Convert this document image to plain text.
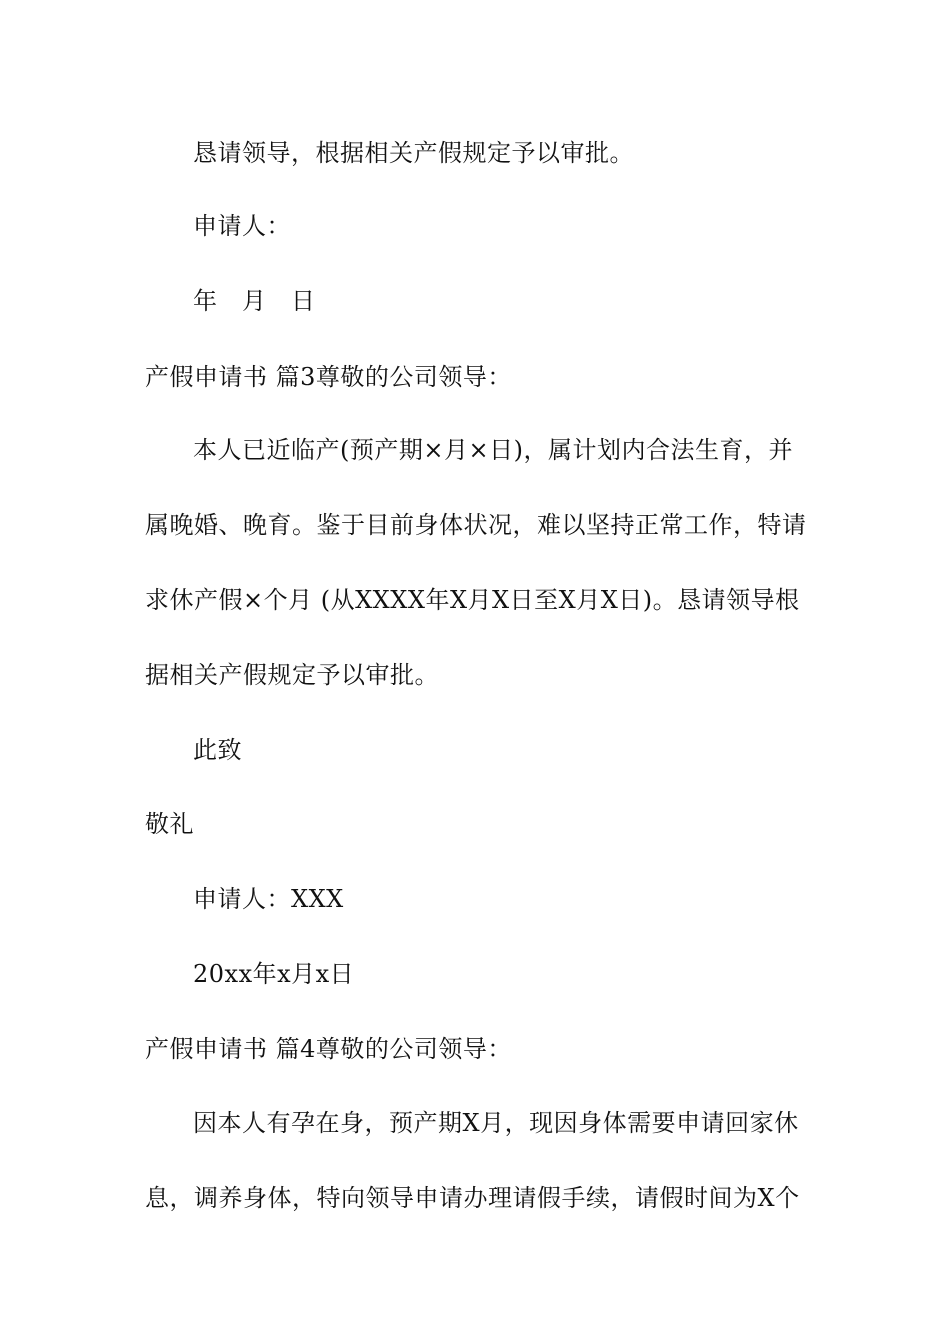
恳请领导，根据相关产假规定予以审批。
申请人：
年　月　日
产假申请书 篇3尊敬的公司领导：
本人已近临产(预产期×月×日)，属计划内合法生育，并
属晚婚、晚育。鉴于目前身体状况，难以坚持正常工作，特请
求休产假×个月 (从XXXX年X月X日至X月X日)。恳请领导根
据相关产假规定予以审批。
此致
敬礼
申请人：XXX
20xx年x月x日
产假申请书 篇4尊敬的公司领导：
因本人有孕在身，预产期X月，现因身体需要申请回家休
息，调养身体，特向领导申请办理请假手续，请假时间为X个
